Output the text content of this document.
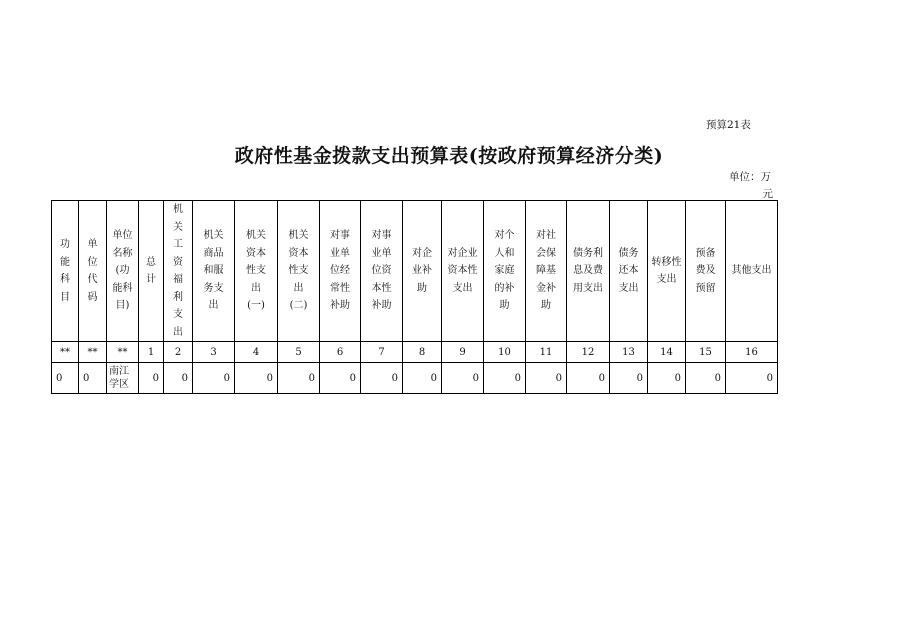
预算21表
政府性基金拨款支出预算表(按政府预算经济分类)
单位：万
元
功能科目	单位代码	单位名称(功能科目)	总计	机关工资福利支出	机关商品和服务支出	机关资本性支出(一)	机关资本性支出(二)	对事业单位经常性补助	对事业单位资本性补助	对企业补助	对企业资本性支出	对个人和家庭的补助	对社会保障基金补助	债务利息及费用支出	债务还本支出	转移性支出	预备费及预留	其他支出
**	**	**	1	2	3	4	5	6	7	8	9	10	11	12	13	14	15	16
0	0	南江学区	0	0	0	0	0	0	0	0	0	0	0	0	0	0	0	0
